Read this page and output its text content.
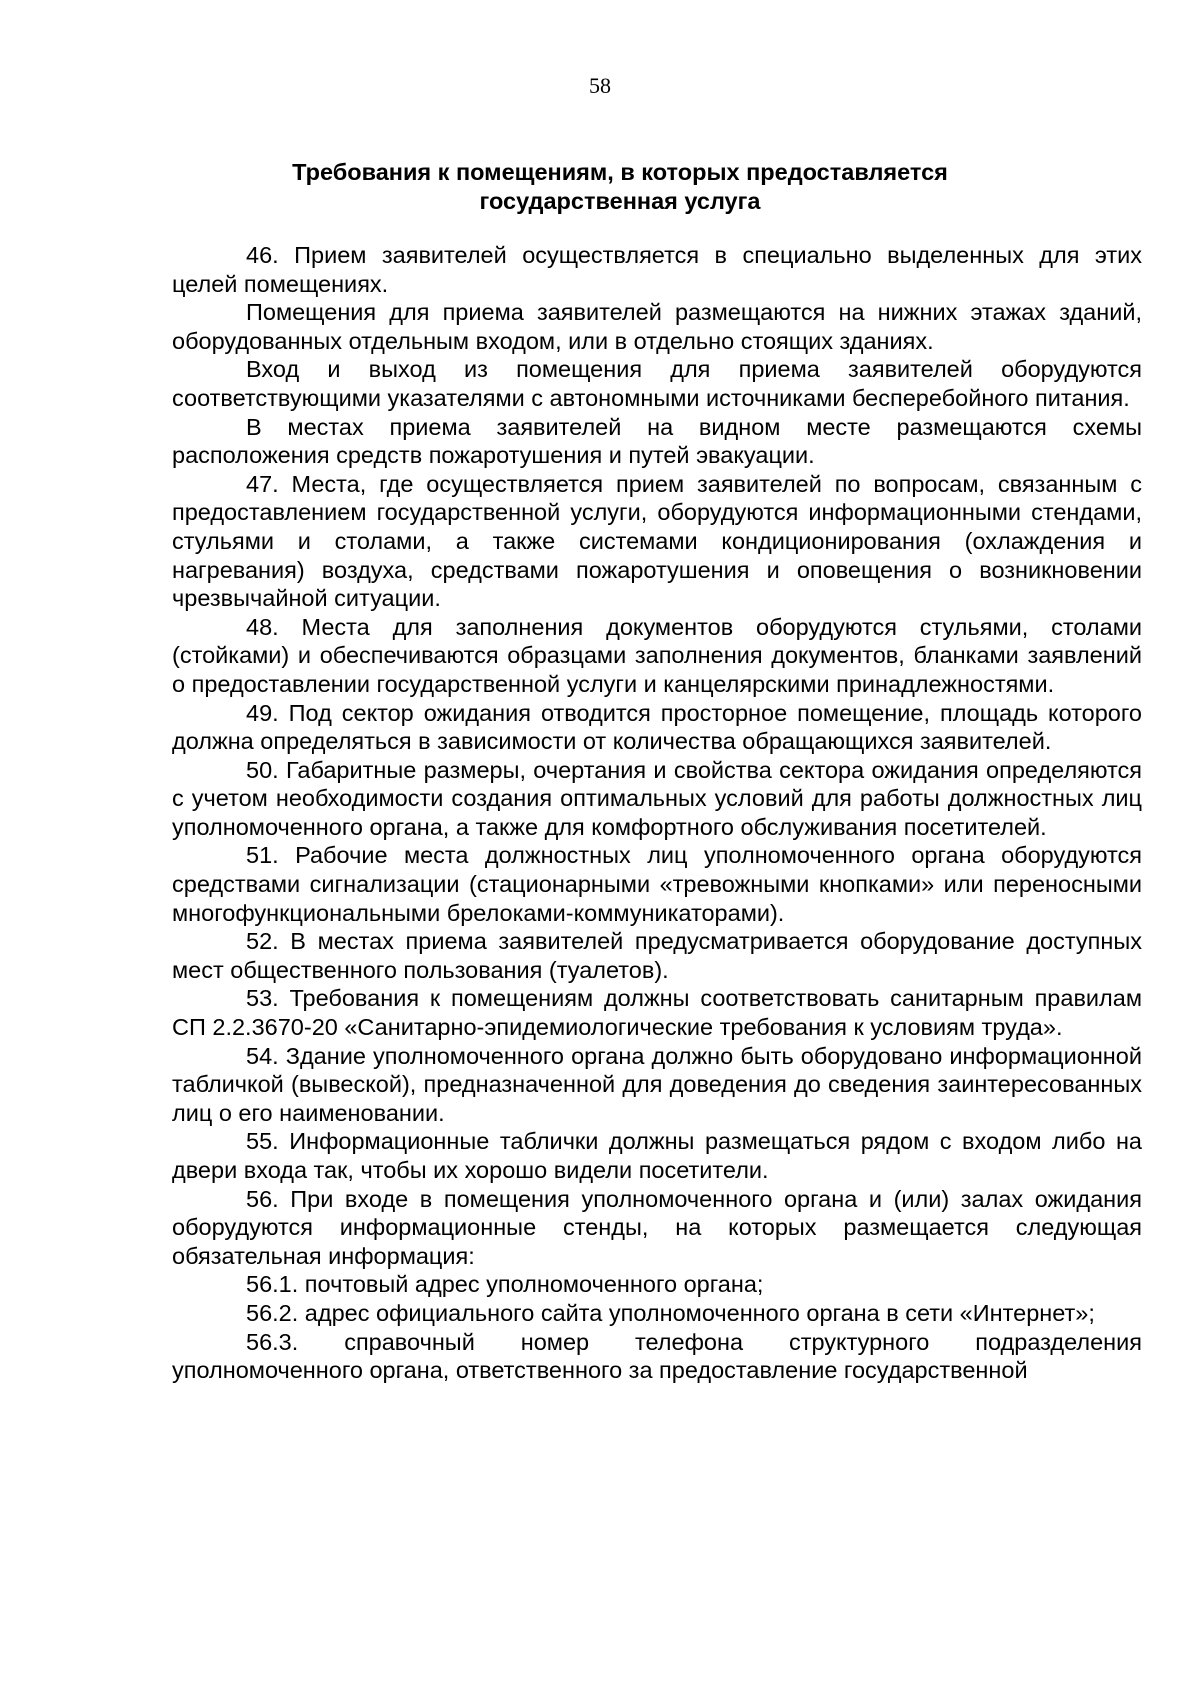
58
Требования к помещениям, в которых предоставляется
государственная услуга

46. Прием заявителей осуществляется в специально выделенных для этих целей помещениях.

Помещения для приема заявителей размещаются на нижних этажах зданий, оборудованных отдельным входом, или в отдельно стоящих зданиях.

Вход и выход из помещения для приема заявителей оборудуются соответствующими указателями с автономными источниками бесперебойного питания.

В местах приема заявителей на видном месте размещаются схемы расположения средств пожаротушения и путей эвакуации.

47. Места, где осуществляется прием заявителей по вопросам, связанным с предоставлением государственной услуги, оборудуются информационными стендами, стульями и столами, а также системами кондиционирования (охлаждения и нагревания) воздуха, средствами пожаротушения и оповещения о возникновении чрезвычайной ситуации.

48. Места для заполнения документов оборудуются стульями, столами (стойками) и обеспечиваются образцами заполнения документов, бланками заявлений о предоставлении государственной услуги и канцелярскими принадлежностями.

49. Под сектор ожидания отводится просторное помещение, площадь которого должна определяться в зависимости от количества обращающихся заявителей.

50. Габаритные размеры, очертания и свойства сектора ожидания определяются с учетом необходимости создания оптимальных условий для работы должностных лиц уполномоченного органа, а также для комфортного обслуживания посетителей.

51. Рабочие места должностных лиц уполномоченного органа оборудуются средствами сигнализации (стационарными «тревожными кнопками» или переносными многофункциональными брелоками-коммуникаторами).

52. В местах приема заявителей предусматривается оборудование доступных мест общественного пользования (туалетов).

53. Требования к помещениям должны соответствовать санитарным правилам СП 2.2.3670-20 «Санитарно-эпидемиологические требования к условиям труда».

54. Здание уполномоченного органа должно быть оборудовано информационной табличкой (вывеской), предназначенной для доведения до сведения заинтересованных лиц о его наименовании.

55. Информационные таблички должны размещаться рядом с входом либо на двери входа так, чтобы их хорошо видели посетители.

56. При входе в помещения уполномоченного органа и (или) залах ожидания оборудуются информационные стенды, на которых размещается следующая обязательная информация:

56.1. почтовый адрес уполномоченного органа;

56.2. адрес официального сайта уполномоченного органа в сети «Интернет»;

56.3. справочный номер телефона структурного подразделения уполномоченного органа, ответственного за предоставление государственной
